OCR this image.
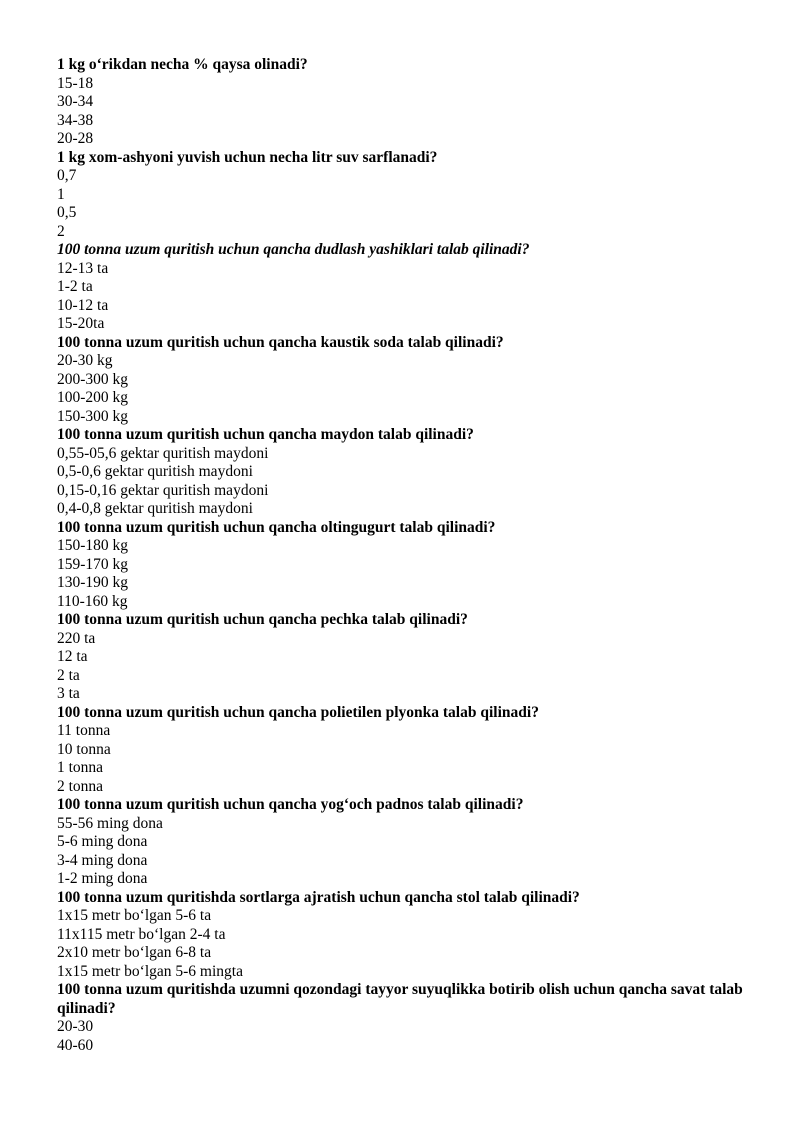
1 kg o‘rikdan necha % qaysa olinadi?

15-18

30-34

34-38

20-28

1 kg xom-ashyoni yuvish uchun necha litr suv sarflanadi?

0,7

1

0,5

2

100 tonna uzum quritish uchun qancha dudlash yashiklari talab qilinadi?

12-13 ta

1-2 ta

10-12 ta

15-20ta

100 tonna uzum quritish uchun qancha kaustik soda talab qilinadi?

20-30 kg

200-300 kg

100-200 kg

150-300 kg

100 tonna uzum quritish uchun qancha maydon talab qilinadi?

0,55-05,6 gektar quritish maydoni

0,5-0,6 gektar quritish maydoni

0,15-0,16 gektar quritish maydoni

0,4-0,8 gektar quritish maydoni

100 tonna uzum quritish uchun qancha oltingugurt talab qilinadi?

150-180 kg

159-170 kg

130-190 kg

110-160 kg

100 tonna uzum quritish uchun qancha pechka talab qilinadi?

220 ta

12 ta

2 ta

3 ta

100 tonna uzum quritish uchun qancha polietilen plyonka talab qilinadi?

11 tonna

10 tonna

1 tonna

2 tonna

100 tonna uzum quritish uchun qancha yog‘och padnos talab qilinadi?

55-56 ming dona

5-6 ming dona

3-4 ming dona

1-2 ming dona

100 tonna uzum quritishda sortlarga ajratish uchun qancha stol talab qilinadi?

1x15 metr bo‘lgan 5-6 ta

11x115 metr bo‘lgan 2-4 ta

2x10 metr bo‘lgan 6-8 ta

1x15 metr bo‘lgan 5-6 mingta

100 tonna uzum quritishda uzumni qozondagi tayyor suyuqlikka botirib olish uchun qancha savat talab qilinadi?

20-30

40-60
